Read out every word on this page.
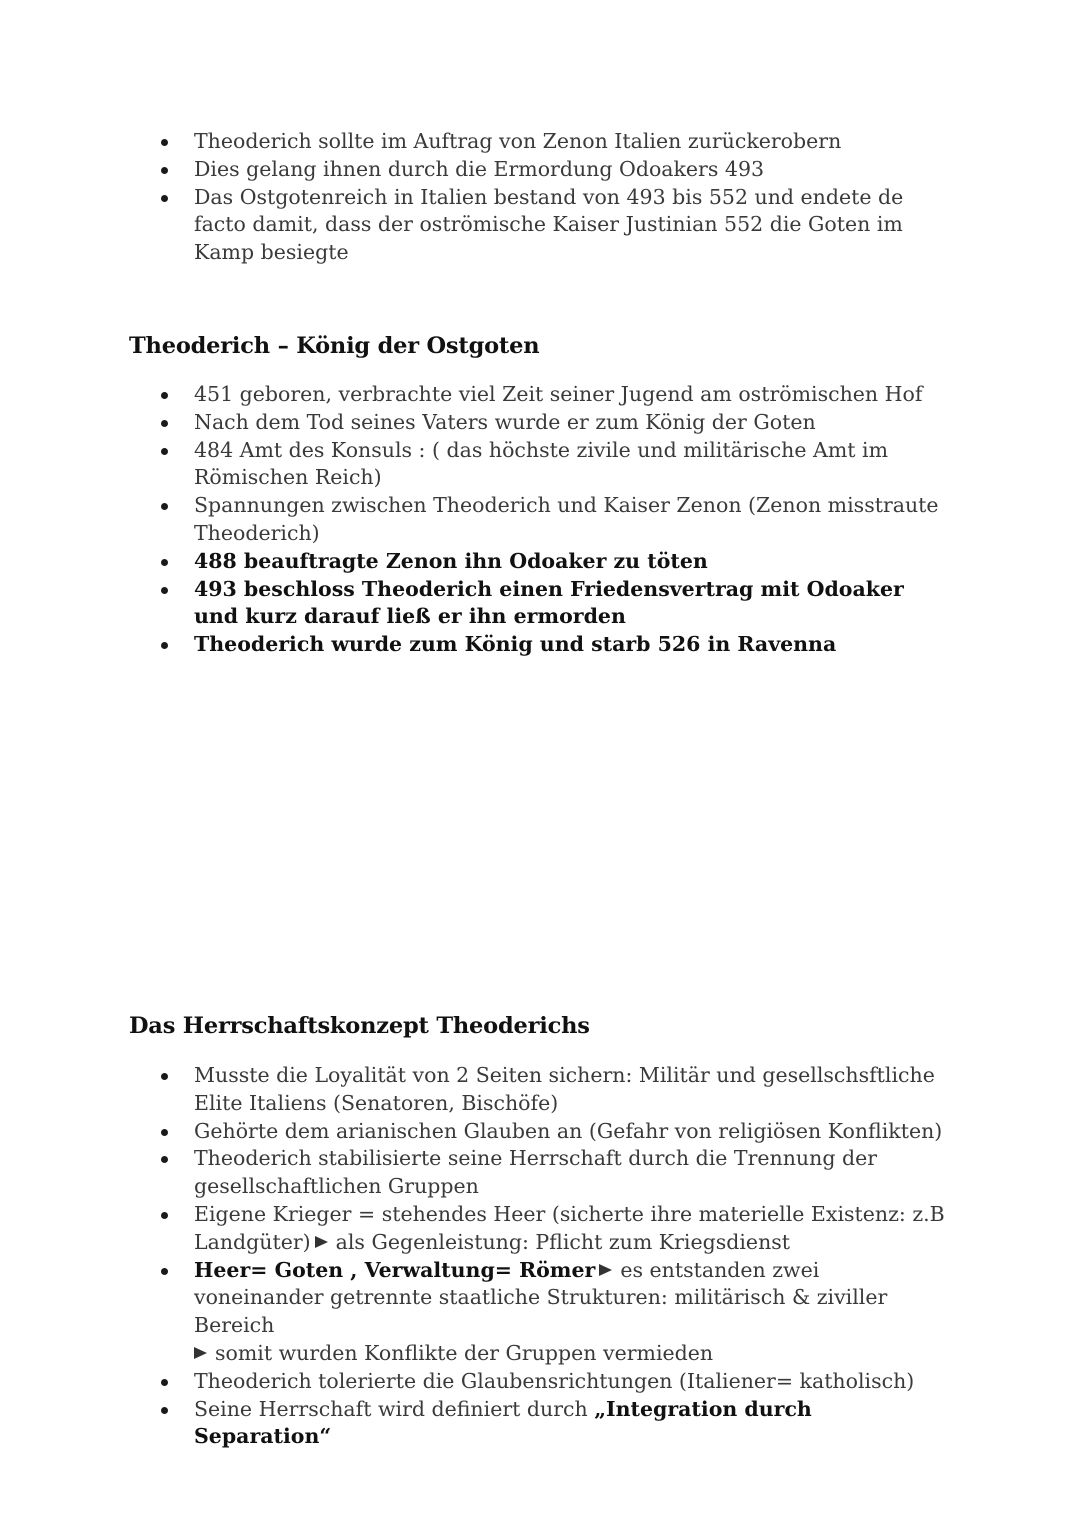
Theoderich sollte im Auftrag von Zenon Italien zurückerobern
Dies gelang ihnen durch die Ermordung Odoakers 493
Das Ostgotenreich in Italien bestand von 493 bis 552 und endete de facto damit, dass der oströmische Kaiser Justinian 552 die Goten im Kamp besiegte
Theoderich – König der Ostgoten
451 geboren, verbrachte viel Zeit seiner Jugend am oströmischen Hof
Nach dem Tod seines Vaters wurde er zum König der Goten
484 Amt des Konsuls : ( das höchste zivile und militärische Amt im Römischen Reich)
Spannungen zwischen Theoderich und Kaiser Zenon (Zenon misstraute Theoderich)
488 beauftragte Zenon ihn Odoaker zu töten
493 beschloss Theoderich einen Friedensvertrag mit Odoaker und kurz darauf ließ er ihn ermorden
Theoderich wurde zum König und starb 526 in Ravenna
Das Herrschaftskonzept Theoderichs
Musste die Loyalität von 2 Seiten sichern: Militär und gesellschsftliche Elite Italiens (Senatoren, Bischöfe)
Gehörte dem arianischen Glauben an (Gefahr von religiösen Konflikten)
Theoderich stabilisierte seine Herrschaft durch die Trennung der gesellschaftlichen Gruppen
Eigene Krieger = stehendes Heer (sicherte ihre materielle Existenz: z.B Landgüter) als Gegenleistung: Pflicht zum Kriegsdienst
Heer= Goten , Verwaltung= Römer es entstanden zwei voneinander getrennte staatliche Strukturen: militärisch & ziviller Bereich
somit wurden Konflikte der Gruppen vermieden
Theoderich tolerierte die Glaubensrichtungen (Italiener= katholisch)
Seine Herrschaft wird definiert durch „Integration durch Separation“
